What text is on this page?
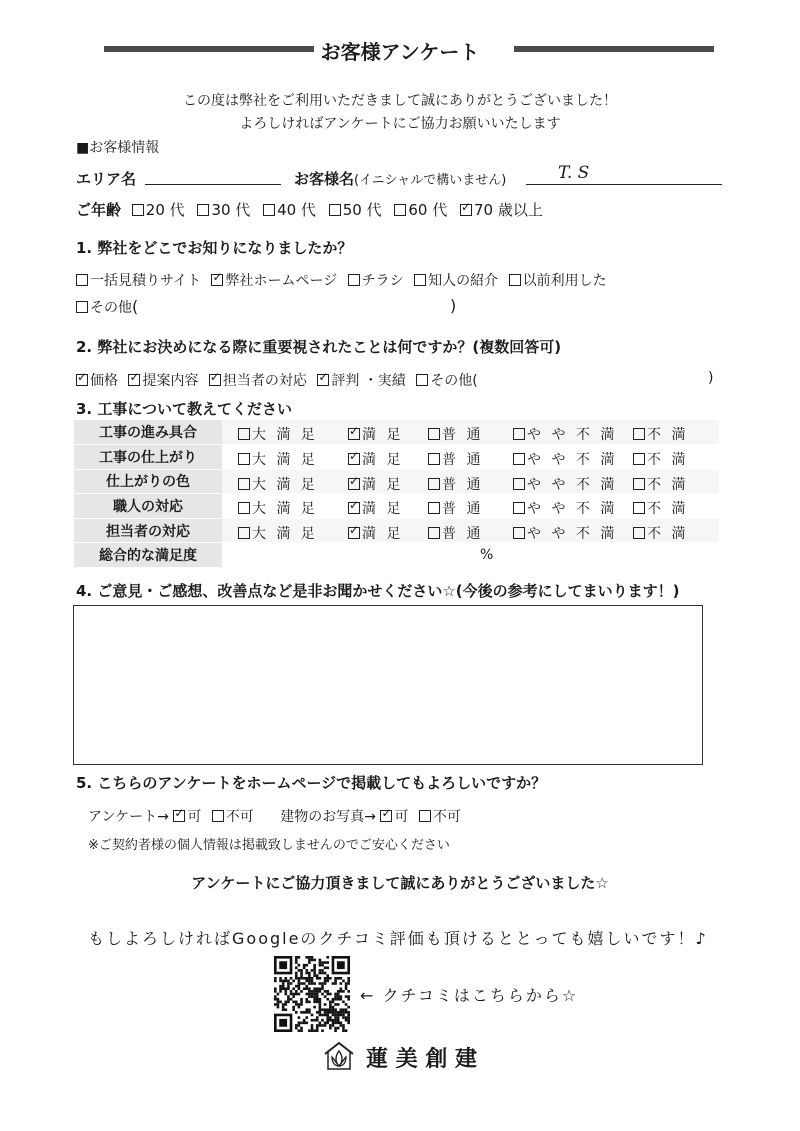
お客様アンケート
この度は弊社をご利用いただきまして誠にありがとうございました！
よろしければアンケートにご協力お願いいたします
■お客様情報
エリア名	お客様名(イニシャルで構いません)	T. S
ご年齢 20 代 30 代 40 代 50 代 60 代 ✓ 70 歳以上
1. 弊社をどこでお知りになりましたか？
一括見積りサイト ✓ 弊社ホームページ チラシ 知人の紹介 以前利用した
その他(	)
2. 弊社にお決めになる際に重要視されたことは何ですか？(複数回答可)
✓価格 ✓ 提案内容 ✓ 担当者の対応 ✓ 評判 ・実績 その他(	)
3. 工事について教えてください
工事の進み具合	大 満 足 ✓ 満 足 普 通 や や 不 満 不 満

工事の仕上がり	大 満 足 ✓ 満 足 普 通 や や 不 満 不 満

仕上がりの色	大 満 足 ✓ 満 足 普 通 や や 不 満 不 満

職人の対応	大 満 足 ✓ 満 足 普 通 や や 不 満 不 満

担当者の対応	大 満 足 ✓ 満 足 普 通 や や 不 満 不 満

総合的な満足度	%
4. ご意見・ご感想、改善点など是非お聞かせください☆(今後の参考にしてまいります！)
5. こちらのアンケートをホームページで掲載してもよろしいですか？
アンケート→ ✓ 可 不可 建物のお写真→ ✓ 可 不可
※ご契約者様の個人情報は掲載致しませんのでご安心ください
アンケートにご協力頂きまして誠にありがとうございました☆
もしよろしければGoogleのクチコミ評価も頂けるととっても嬉しいです！♪
← クチコミはこちらから☆
蓮 美 創 建
